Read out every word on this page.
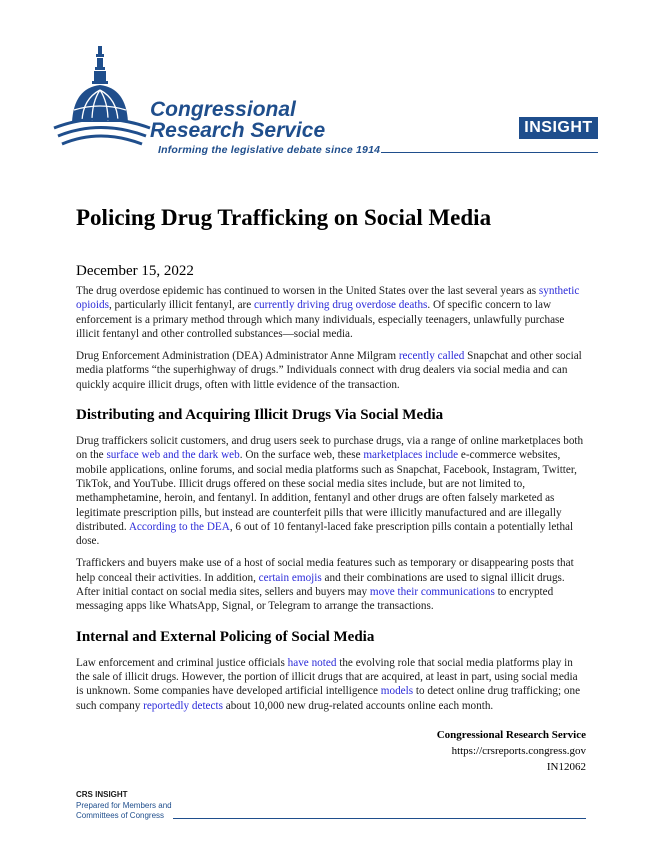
Congressional
Research Service
Informing the legislative debate since 1914
INSIGHT
Policing Drug Trafficking on Social Media
December 15, 2022

The drug overdose epidemic has continued to worsen in the United States over the last several years as synthetic opioids, particularly illicit fentanyl, are currently driving drug overdose deaths. Of specific concern to law enforcement is a primary method through which many individuals, especially teenagers, unlawfully purchase illicit fentanyl and other controlled substances—social media.

Drug Enforcement Administration (DEA) Administrator Anne Milgram recently called Snapchat and other social media platforms “the superhighway of drugs.” Individuals connect with drug dealers via social media and can quickly acquire illicit drugs, often with little evidence of the transaction.

Distributing and Acquiring Illicit Drugs Via Social Media

Drug traffickers solicit customers, and drug users seek to purchase drugs, via a range of online marketplaces both on the surface web and the dark web. On the surface web, these marketplaces include e-commerce websites, mobile applications, online forums, and social media platforms such as Snapchat, Facebook, Instagram, Twitter, TikTok, and YouTube. Illicit drugs offered on these social media sites include, but are not limited to, methamphetamine, heroin, and fentanyl. In addition, fentanyl and other drugs are often falsely marketed as legitimate prescription pills, but instead are counterfeit pills that were illicitly manufactured and are illegally distributed. According to the DEA, 6 out of 10 fentanyl-laced fake prescription pills contain a potentially lethal dose.

Traffickers and buyers make use of a host of social media features such as temporary or disappearing posts that help conceal their activities. In addition, certain emojis and their combinations are used to signal illicit drugs. After initial contact on social media sites, sellers and buyers may move their communications to encrypted messaging apps like WhatsApp, Signal, or Telegram to arrange the transactions.

Internal and External Policing of Social Media

Law enforcement and criminal justice officials have noted the evolving role that social media platforms play in the sale of illicit drugs. However, the portion of illicit drugs that are acquired, at least in part, using social media is unknown. Some companies have developed artificial intelligence models to detect online drug trafficking; one such company reportedly detects about 10,000 new drug-related accounts online each month.

Congressional Research Service
https://crsreports.congress.gov
IN12062
CRS INSIGHT
Prepared for Members and
Committees of Congress
